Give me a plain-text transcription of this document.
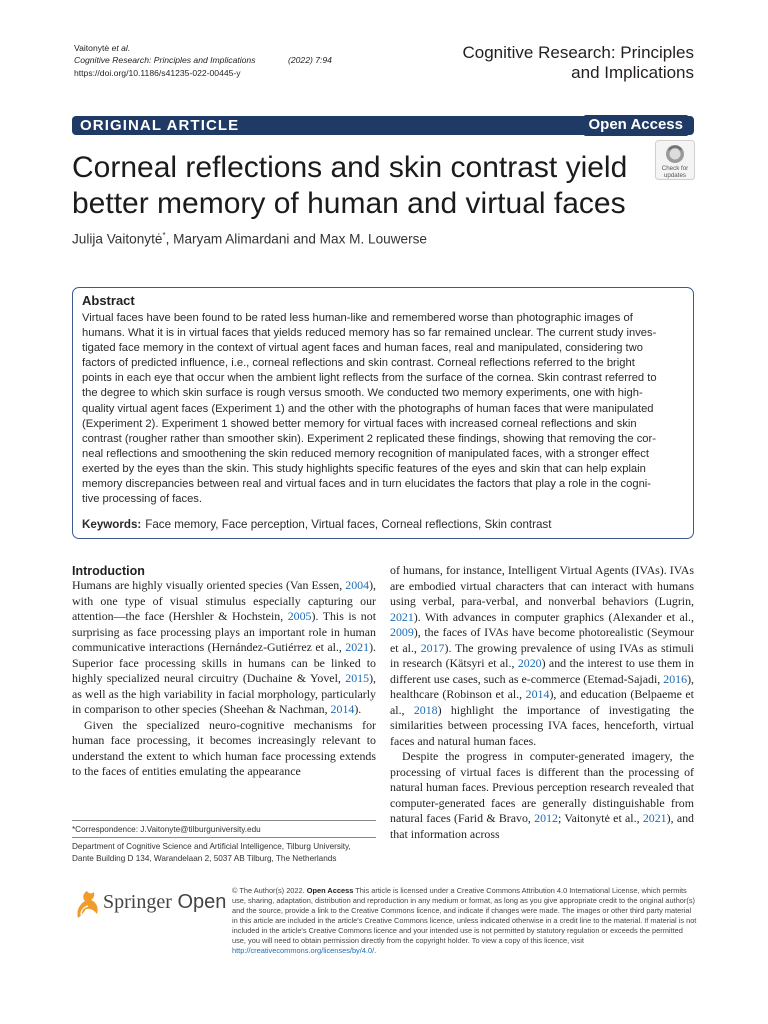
Vaitonytė et al.
Cognitive Research: Principles and Implications	(2022) 7:94
https://doi.org/10.1186/s41235-022-00445-y
Cognitive Research: Principles
and Implications
ORIGINAL ARTICLE	Open Access
Corneal reflections and skin contrast yield better memory of human and virtual faces
Check for
updates
Julija Vaitonytė*, Maryam Alimardani and Max M. Louwerse
Abstract
Virtual faces have been found to be rated less human-like and remembered worse than photographic images of
humans. What it is in virtual faces that yields reduced memory has so far remained unclear. The current study inves-
tigated face memory in the context of virtual agent faces and human faces, real and manipulated, considering two
factors of predicted influence, i.e., corneal reflections and skin contrast. Corneal reflections referred to the bright
points in each eye that occur when the ambient light reflects from the surface of the cornea. Skin contrast referred to
the degree to which skin surface is rough versus smooth. We conducted two memory experiments, one with high-
quality virtual agent faces (Experiment 1) and the other with the photographs of human faces that were manipulated
(Experiment 2). Experiment 1 showed better memory for virtual faces with increased corneal reflections and skin
contrast (rougher rather than smoother skin). Experiment 2 replicated these findings, showing that removing the cor-
neal reflections and smoothening the skin reduced memory recognition of manipulated faces, with a stronger effect
exerted by the eyes than the skin. This study highlights specific features of the eyes and skin that can help explain
memory discrepancies between real and virtual faces and in turn elucidates the factors that play a role in the cogni-
tive processing of faces.
Keywords: Face memory, Face perception, Virtual faces, Corneal reflections, Skin contrast
Introduction

Humans are highly visually oriented species (Van Essen, 2004), with one type of visual stimulus especially capturing our attention—the face (Hershler & Hochstein, 2005). This is not surprising as face processing plays an important role in human communicative interactions (Hernández-Gutiérrez et al., 2021). Superior face processing skills in humans can be linked to highly specialized neural circuitry (Duchaine & Yovel, 2015), as well as the high variability in facial morphology, particularly in comparison to other species (Sheehan & Nachman, 2014).

Given the specialized neuro-cognitive mechanisms for human face processing, it becomes increasingly relevant to understand the extent to which human face processing extends to the faces of entities emulating the appearance

of humans, for instance, Intelligent Virtual Agents (IVAs). IVAs are embodied virtual characters that can interact with humans using verbal, para-verbal, and nonverbal behaviors (Lugrin, 2021). With advances in computer graphics (Alexander et al., 2009), the faces of IVAs have become photorealistic (Seymour et al., 2017). The growing prevalence of using IVAs as stimuli in research (Kätsyri et al., 2020) and the interest to use them in different use cases, such as e-commerce (Etemad-Sajadi, 2016), healthcare (Robinson et al., 2014), and education (Belpaeme et al., 2018) highlight the importance of investigating the similarities between processing IVA faces, henceforth, virtual faces and natural human faces.

Despite the progress in computer-generated imagery, the processing of virtual faces is different than the processing of natural human faces. Previous perception research revealed that computer-generated faces are generally distinguishable from natural faces (Farid & Bravo, 2012; Vaitonytė et al., 2021), and that information across

*Correspondence: J.Vaitonyte@tilburguniversity.edu
Department of Cognitive Science and Artificial Intelligence, Tilburg University,
Dante Building D 134, Warandelaan 2, 5037 AB Tilburg, The Netherlands
Springer Open
© The Author(s) 2022. Open Access This article is licensed under a Creative Commons Attribution 4.0 International License, which permits use, sharing, adaptation, distribution and reproduction in any medium or format, as long as you give appropriate credit to the original author(s) and the source, provide a link to the Creative Commons licence, and indicate if changes were made. The images or other third party material in this article are included in the article's Creative Commons licence, unless indicated otherwise in a credit line to the material. If material is not included in the article's Creative Commons licence and your intended use is not permitted by statutory regulation or exceeds the permitted use, you will need to obtain permission directly from the copyright holder. To view a copy of this licence, visit http://creativecommons.org/licenses/by/4.0/.
